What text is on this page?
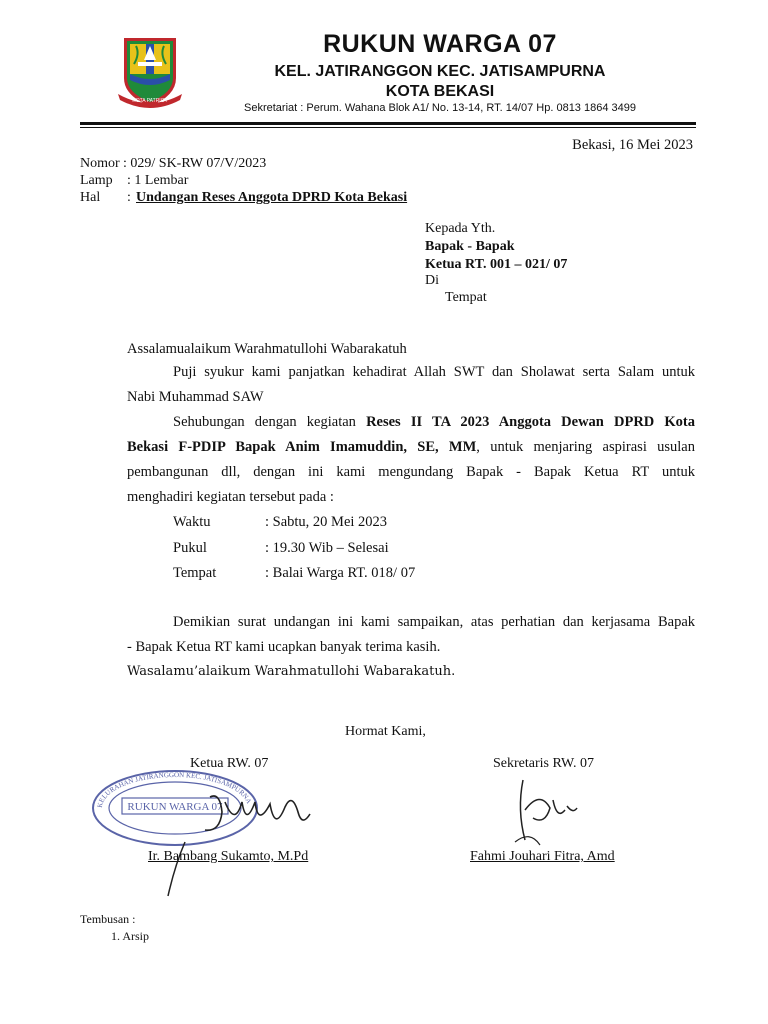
KOTA PATRIOT
RUKUN WARGA 07
KEL. JATIRANGGON KEC. JATISAMPURNA
KOTA BEKASI
Sekretariat : Perum. Wahana Blok A1/ No. 13-14, RT. 14/07 Hp. 0813 1864 3499
Bekasi, 16 Mei 2023
Nomor : 029/ SK-RW 07/V/2023
Lamp : 1 Lembar
Hal : Undangan Reses Anggota DPRD Kota Bekasi
Kepada Yth.
Bapak - Bapak
Ketua RT. 001 – 021/ 07
Di
Tempat
Assalamualaikum Warahmatullohi Wabarakatuh
Puji syukur kami panjatkan kehadirat Allah SWT dan Sholawat serta Salam untuk
Nabi Muhammad SAW
Sehubungan dengan kegiatan Reses II TA 2023 Anggota Dewan DPRD Kota
Bekasi F-PDIP Bapak Anim Imamuddin, SE, MM, untuk menjaring aspirasi usulan
pembangunan dll, dengan ini kami mengundang Bapak - Bapak Ketua RT untuk
menghadiri kegiatan tersebut pada :
Waktu	: Sabtu, 20 Mei 2023
Pukul	: 19.30 Wib – Selesai
Tempat	: Balai Warga RT. 018/ 07
Demikian surat undangan ini kami sampaikan, atas perhatian dan kerjasama Bapak
- Bapak Ketua RT kami ucapkan banyak terima kasih.
Wasalamu’alaikum Warahmatullohi Wabarakatuh.
Hormat Kami,
Ketua RW. 07	Sekretaris RW. 07
KELURAHAN JATIRANGGON KEC. JATISAMPURNA
RUKUN WARGA 07
Ir. Bambang Sukamto, M.Pd	Fahmi Jouhari Fitra, Amd
Tembusan :
1. Arsip
